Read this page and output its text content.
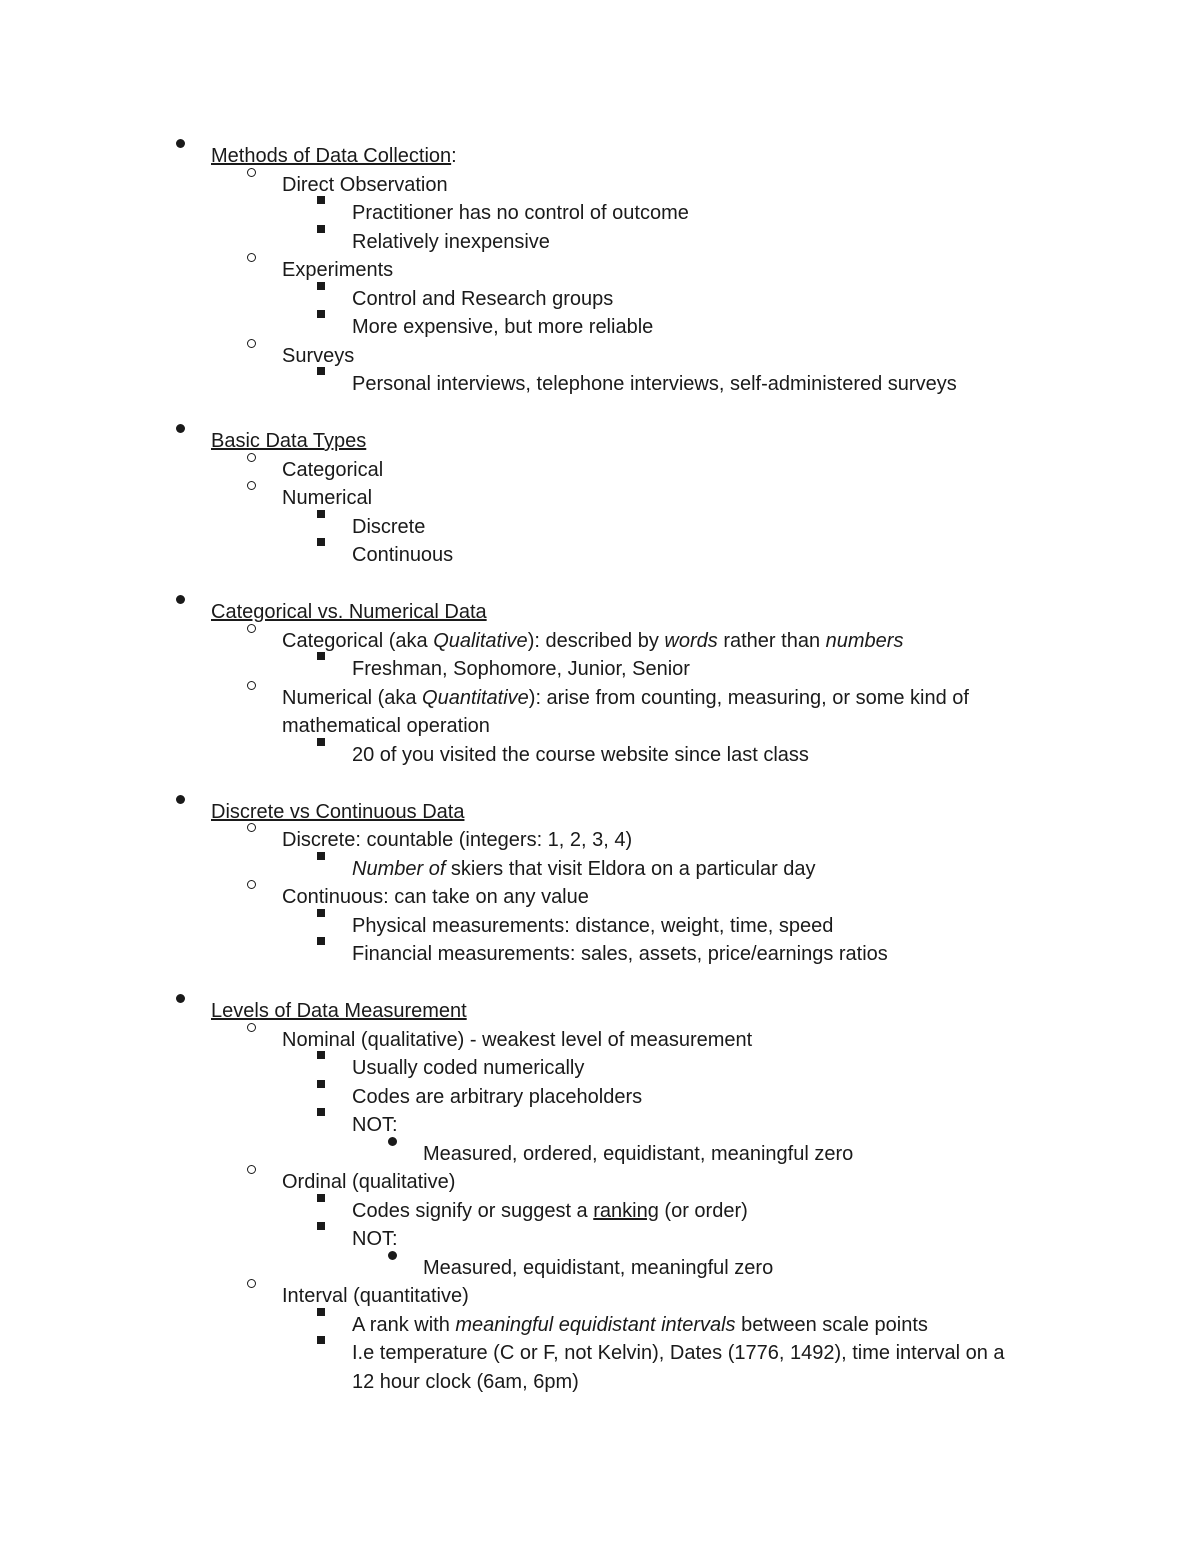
Methods of Data Collection:
Direct Observation
Practitioner has no control of outcome
Relatively inexpensive
Experiments
Control and Research groups
More expensive, but more reliable
Surveys
Personal interviews, telephone interviews, self-administered surveys
Basic Data Types
Categorical
Numerical
Discrete
Continuous
Categorical vs. Numerical Data
Categorical (aka Qualitative): described by words rather than numbers
Freshman, Sophomore, Junior, Senior
Numerical (aka Quantitative): arise from counting, measuring, or some kind of
mathematical operation
20 of you visited the course website since last class
Discrete vs Continuous Data
Discrete: countable (integers: 1, 2, 3, 4)
Number of skiers that visit Eldora on a particular day
Continuous: can take on any value
Physical measurements: distance, weight, time, speed
Financial measurements: sales, assets, price/earnings ratios
Levels of Data Measurement
Nominal (qualitative) - weakest level of measurement
Usually coded numerically
Codes are arbitrary placeholders
NOT:
Measured, ordered, equidistant, meaningful zero
Ordinal (qualitative)
Codes signify or suggest a ranking (or order)
NOT:
Measured, equidistant, meaningful zero
Interval (quantitative)
A rank with meaningful equidistant intervals between scale points
I.e temperature (C or F, not Kelvin), Dates (1776, 1492), time interval on a
12 hour clock (6am, 6pm)
